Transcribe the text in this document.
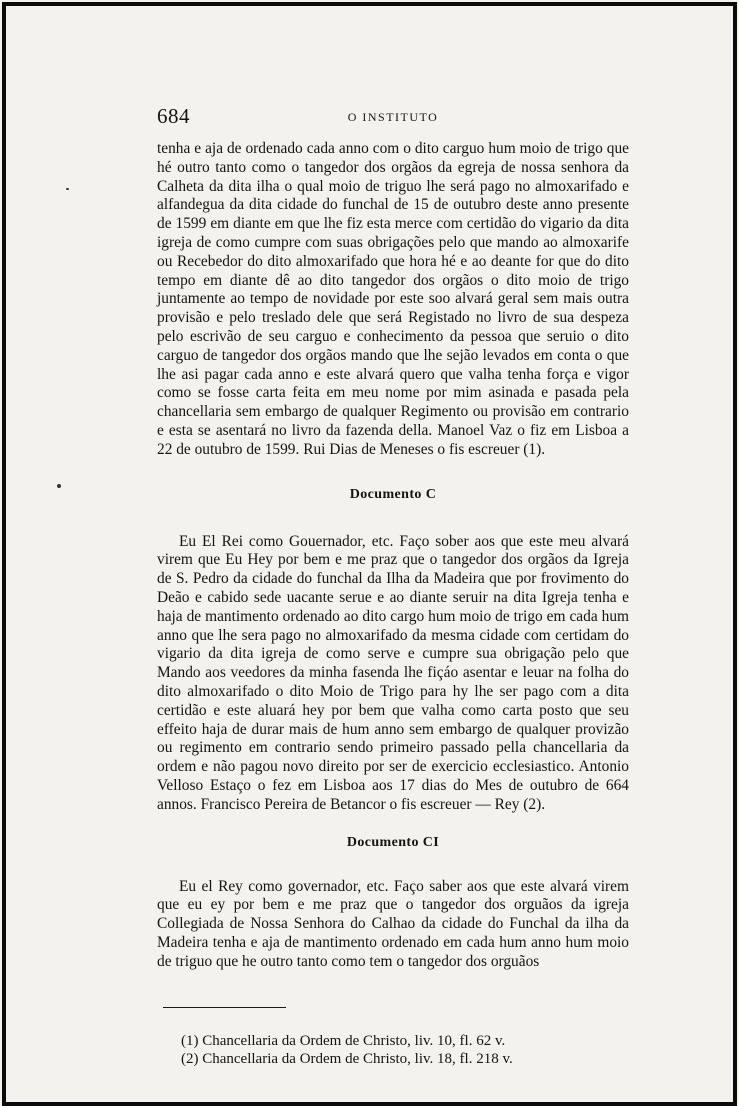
684	O INSTITUTO

tenha e aja de ordenado cada anno com o dito carguo hum moio de trigo que hé outro tanto como o tangedor dos orgãos da egreja de nossa senhora da Calheta da dita ilha o qual moio de triguo lhe será pago no almoxarifado e alfandegua da dita cidade do funchal de 15 de outubro deste anno presente de 1599 em diante em que lhe fiz esta merce com certidão do vigario da dita igreja de como cumpre com suas obrigações pelo que mando ao almoxarife ou Recebedor do dito almoxarifado que hora hé e ao deante for que do dito tempo em diante dê ao dito tangedor dos orgãos o dito moio de trigo juntamente ao tempo de novidade por este soo alvará geral sem mais outra provisão e pelo treslado dele que será Registado no livro de sua despeza pelo escrivão de seu carguo e conhecimento da pessoa que seruio o dito carguo de tangedor dos orgãos mando que lhe sejão levados em conta o que lhe asi pagar cada anno e este alvará quero que valha tenha força e vigor como se fosse carta feita em meu nome por mim asinada e pasada pela chancellaria sem embargo de qualquer Regimento ou provisão em contrario e esta se asentará no livro da fazenda della. Manoel Vaz o fiz em Lisboa a 22 de outubro de 1599. Rui Dias de Meneses o fis escreuer (1).

Documento C

Eu El Rei como Gouernador, etc. Faço sober aos que este meu alvará virem que Eu Hey por bem e me praz que o tangedor dos orgãos da Igreja de S. Pedro da cidade do funchal da Ilha da Madeira que por frovimento do Deão e cabido sede uacante serue e ao diante seruir na dita Igreja tenha e haja de mantimento ordenado ao dito cargo hum moio de trigo em cada hum anno que lhe sera pago no almoxarifado da mesma cidade com certidam do vigario da dita igreja de como serve e cumpre sua obrigação pelo que Mando aos veedores da minha fasenda lhe fiçáo asentar e leuar na folha do dito almoxarifado o dito Moio de Trigo para hy lhe ser pago com a dita certidão e este aluará hey por bem que valha como carta posto que seu effeito haja de durar mais de hum anno sem embargo de qualquer provizão ou regimento em contrario sendo primeiro passado pella chancellaria da ordem e não pagou novo direito por ser de exercicio ecclesiastico. Antonio Velloso Estaço o fez em Lisboa aos 17 dias do Mes de outubro de 664 annos. Francisco Pereira de Betancor o fis escreuer — Rey (2).

Documento CI

Eu el Rey como governador, etc. Faço saber aos que este alvará virem que eu ey por bem e me praz que o tangedor dos orguãos da igreja Collegiada de Nossa Senhora do Calhao da cidade do Funchal da ilha da Madeira tenha e aja de mantimento ordenado em cada hum anno hum moio de triguo que he outro tanto como tem o tangedor dos orguãos

(1) Chancellaria da Ordem de Christo, liv. 10, fl. 62 v.

(2) Chancellaria da Ordem de Christo, liv. 18, fl. 218 v.
